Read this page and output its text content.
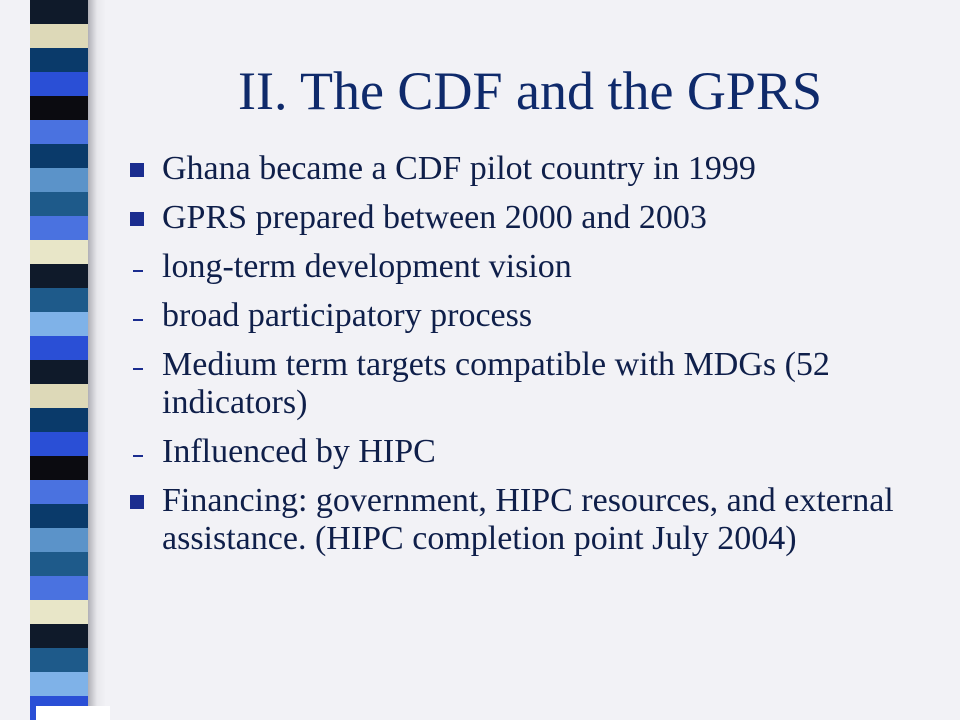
II. The CDF and the GPRS
Ghana became a CDF pilot country in 1999
GPRS prepared between 2000 and 2003
long-term development vision
broad participatory process
Medium term targets compatible with MDGs (52 indicators)
Influenced by HIPC
Financing: government, HIPC resources, and external assistance. (HIPC completion point July 2004)
